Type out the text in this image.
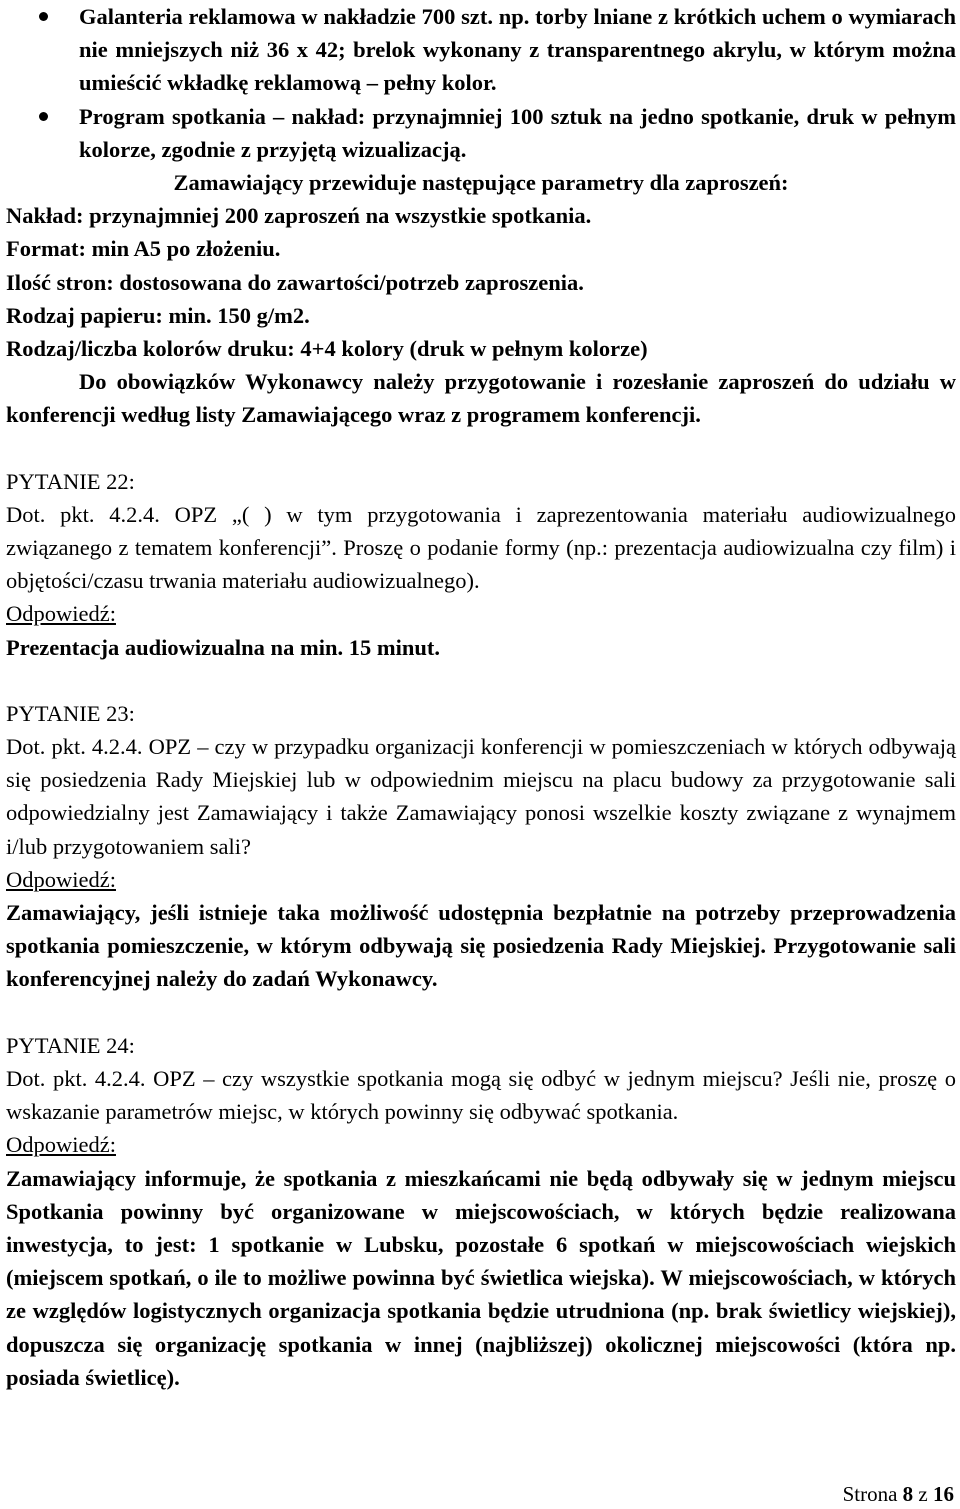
Galanteria reklamowa w nakładzie 700 szt. np. torby lniane z krótkich uchem o wymiarach nie mniejszych niż 36 x 42; brelok wykonany z transparentnego akrylu, w którym można umieścić wkładkę reklamową – pełny kolor.
Program spotkania – nakład: przynajmniej 100 sztuk na jedno spotkanie, druk w pełnym kolorze, zgodnie z przyjętą wizualizacją.

Zamawiający przewiduje następujące parametry dla zaproszeń:

Nakład: przynajmniej 200 zaproszeń na wszystkie spotkania.

Format: min A5 po złożeniu.

Ilość stron: dostosowana do zawartości/potrzeb zaproszenia.

Rodzaj papieru: min. 150 g/m2.

Rodzaj/liczba kolorów druku: 4+4 kolory (druk w pełnym kolorze)

Do obowiązków Wykonawcy należy przygotowanie i rozesłanie zaproszeń do udziału w konferencji według listy Zamawiającego wraz z programem konferencji.

PYTANIE 22:

Dot. pkt. 4.2.4. OPZ „( ) w tym przygotowania i zaprezentowania materiału audiowizualnego związanego z tematem konferencji”. Proszę o podanie formy (np.: prezentacja audiowizualna czy film) i objętości/czasu trwania materiału audiowizualnego).

Odpowiedź:

Prezentacja audiowizualna na min. 15 minut.

PYTANIE 23:

Dot. pkt. 4.2.4. OPZ – czy w przypadku organizacji konferencji w pomieszczeniach w których odbywają się posiedzenia Rady Miejskiej lub w odpowiednim miejscu na placu budowy za przygotowanie sali odpowiedzialny jest Zamawiający i także Zamawiający ponosi wszelkie koszty związane z wynajmem i/lub przygotowaniem sali?

Odpowiedź:

Zamawiający, jeśli istnieje taka możliwość udostępnia bezpłatnie na potrzeby przeprowadzenia spotkania pomieszczenie, w którym odbywają się posiedzenia Rady Miejskiej. Przygotowanie sali konferencyjnej należy do zadań Wykonawcy.

PYTANIE 24:

Dot. pkt. 4.2.4. OPZ – czy wszystkie spotkania mogą się odbyć w jednym miejscu? Jeśli nie, proszę o wskazanie parametrów miejsc, w których powinny się odbywać spotkania.

Odpowiedź:

Zamawiający informuje, że spotkania z mieszkańcami nie będą odbywały się w jednym miejscu Spotkania powinny być organizowane w miejscowościach, w których będzie realizowana inwestycja, to jest: 1 spotkanie w Lubsku, pozostałe 6 spotkań w miejscowościach wiejskich (miejscem spotkań, o ile to możliwe powinna być świetlica wiejska). W miejscowościach, w których ze względów logistycznych organizacja spotkania będzie utrudniona (np. brak świetlicy wiejskiej), dopuszcza się organizację spotkania w innej (najbliższej) okolicznej miejscowości (która np. posiada świetlicę).

Strona 8 z 16
